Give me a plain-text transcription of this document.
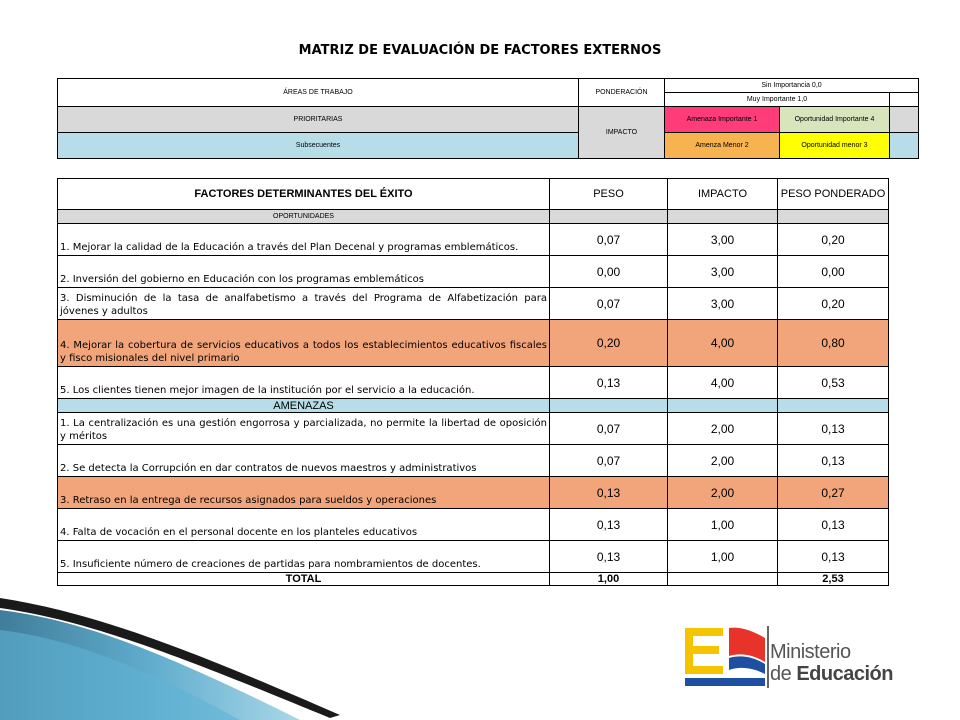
MATRIZ DE EVALUACIÓN DE FACTORES EXTERNOS
ÁREAS DE TRABAJO	PONDERACIÓN	Sin Importancia 0,0		
		Muy Importante 1,0		
PRIORITARIAS	IMPACTO	Amenaza Importante 1	Oportunidad Importante 4	
Subsecuentes		Amenza Menor 2	Oportunidad menor 3	
FACTORES DETERMINANTES DEL ÉXITO	PESO	IMPACTO	PESO PONDERADO
OPORTUNIDADES			
1. Mejorar la calidad de la Educación a través del Plan Decenal y programas emblemáticos.	0,07	3,00	0,20
2. Inversión del gobierno en Educación con los programas emblemáticos	0,00	3,00	0,00
3. Disminución de la tasa de analfabetismo a través del Programa de Alfabetización para jóvenes y adultos	0,07	3,00	0,20
4. Mejorar la cobertura de servicios educativos a todos los establecimientos educativos fiscales y fisco misionales del nivel primario	0,20	4,00	0,80
5. Los clientes tienen mejor imagen de la institución por el servicio a la educación.	0,13	4,00	0,53
AMENAZAS			
1. La centralización es una gestión engorrosa y parcializada, no permite la libertad de oposición y méritos	0,07	2,00	0,13
2. Se detecta la Corrupción en dar contratos de nuevos maestros y administrativos	0,07	2,00	0,13
3. Retraso en la entrega de recursos asignados para sueldos y operaciones	0,13	2,00	0,27
4. Falta de vocación en el personal docente en los planteles educativos	0,13	1,00	0,13
5. Insuficiente número de creaciones de partidas para nombramientos de docentes.	0,13	1,00	0,13
TOTAL	1,00		2,53
Ministerio
de Educación
